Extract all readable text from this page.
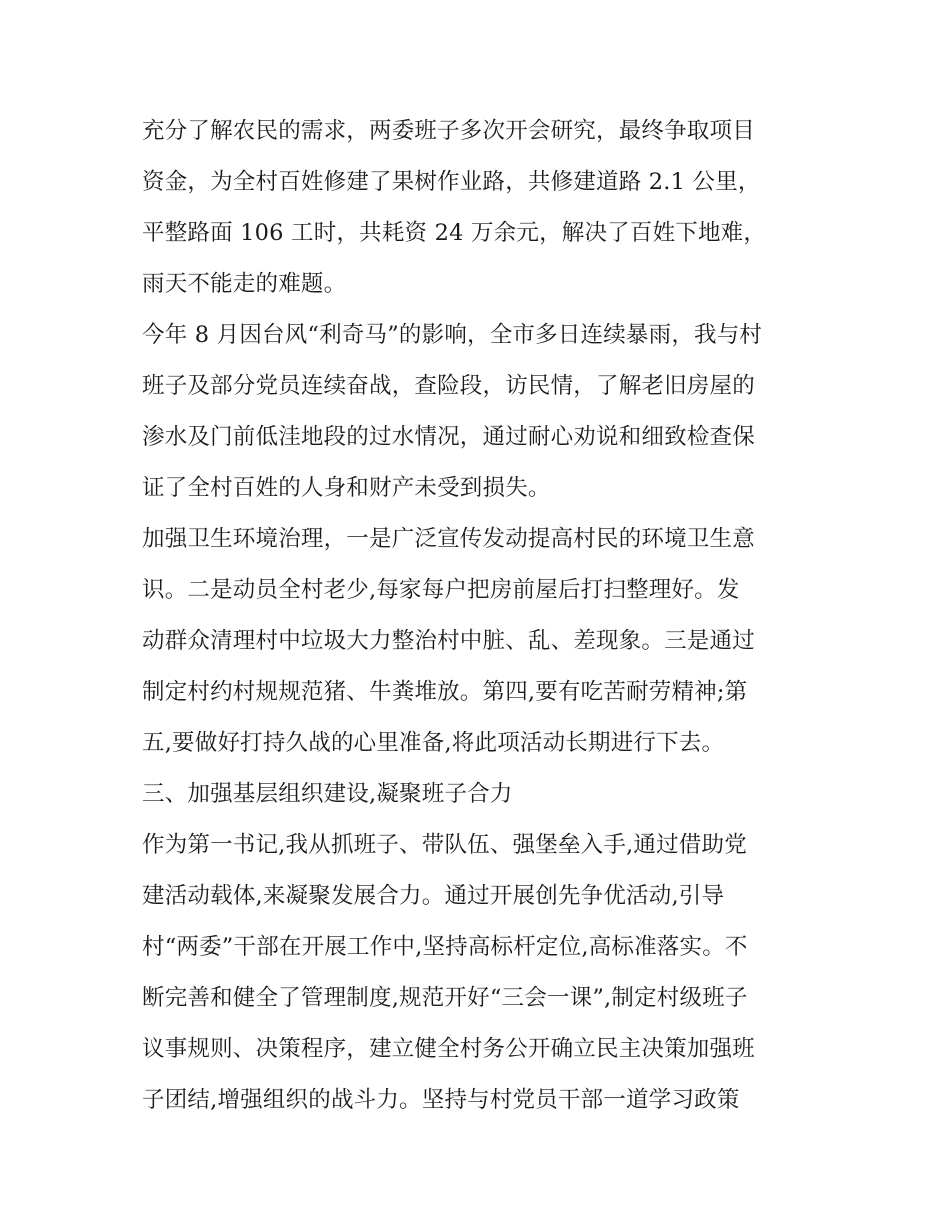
充分了解农民的需求，两委班子多次开会研究，最终争取项目
资金，为全村百姓修建了果树作业路，共修建道路 2.1 公里，
平整路面 106 工时，共耗资 24 万余元，解决了百姓下地难，
雨天不能走的难题。
今年 8 月因台风“利奇马”的影响，全市多日连续暴雨，我与村
班子及部分党员连续奋战，查险段，访民情，了解老旧房屋的
渗水及门前低洼地段的过水情况，通过耐心劝说和细致检查保
证了全村百姓的人身和财产未受到损失。
加强卫生环境治理，一是广泛宣传发动提高村民的环境卫生意
识。二是动员全村老少,每家每户把房前屋后打扫整理好。发
动群众清理村中垃圾大力整治村中脏、乱、差现象。三是通过
制定村约村规规范猪、牛粪堆放。第四,要有吃苦耐劳精神;第
五,要做好打持久战的心里准备,将此项活动长期进行下去。
三、加强基层组织建设,凝聚班子合力
作为第一书记,我从抓班子、带队伍、强堡垒入手,通过借助党
建活动载体,来凝聚发展合力。通过开展创先争优活动,引导
村“两委”干部在开展工作中,坚持高标杆定位,高标准落实。不
断完善和健全了管理制度,规范开好“三会一课”,制定村级班子
议事规则、决策程序，建立健全村务公开确立民主决策加强班
子团结,增强组织的战斗力。坚持与村党员干部一道学习政策
